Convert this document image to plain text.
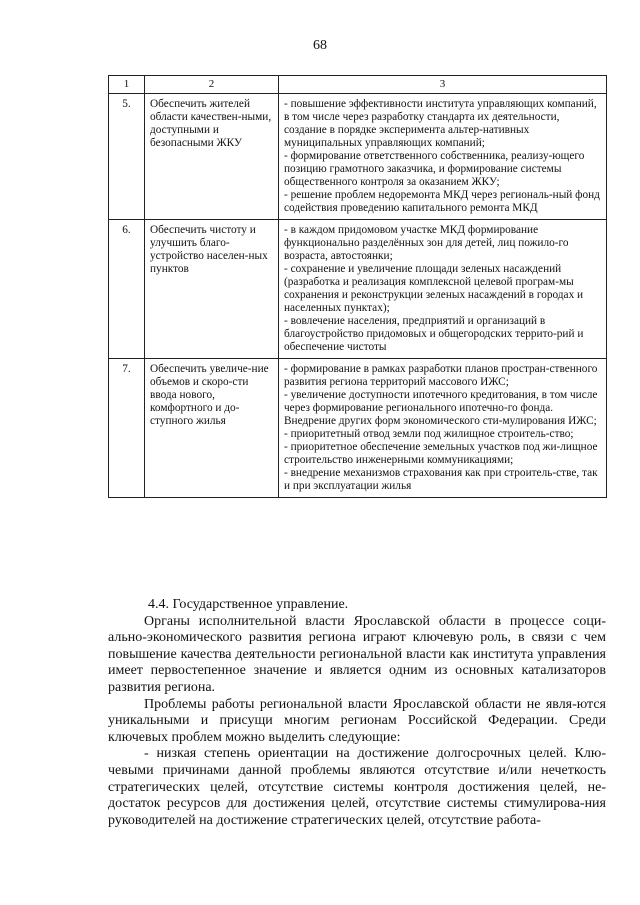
68
1	2	3
5.	Обеспечить жителей области качествен-ными, доступными и безопасными ЖКУ	- повышение эффективности института управляющих компаний, в том числе через разработку стандарта их деятельности, создание в порядке эксперимента альтер-нативных муниципальных управляющих компаний;
- формирование ответственного собственника, реализу-ющего позицию грамотного заказчика, и формирование системы общественного контроля за оказанием ЖКУ;
- решение проблем недоремонта МКД через региональ-ный фонд содействия проведению капитального ремонта МКД

6.	Обеспечить чистоту и улучшить благо-устройство населен-ных пунктов	- в каждом придомовом участке МКД формирование функционально разделённых зон для детей, лиц пожило-го возраста, автостоянки;
- сохранение и увеличение площади зеленых насаждений (разработка и реализация комплексной целевой програм-мы сохранения и реконструкции зеленых насаждений в городах и населенных пунктах);
- вовлечение населения, предприятий и организаций в благоустройство придомовых и общегородских террито-рий и обеспечение чистоты

7.	Обеспечить увеличе-ние объемов и скоро-сти ввода нового, комфортного и до-ступного жилья	- формирование в рамках разработки планов простран-ственного развития региона территорий массового ИЖС;
- увеличение доступности ипотечного кредитования, в том числе через формирование регионального ипотечно-го фонда. Внедрение других форм экономического сти-мулирования ИЖС;
- приоритетный отвод земли под жилищное строитель-ство;
- приоритетное обеспечение земельных участков под жи-лищное строительство инженерными коммуникациями;
- внедрение механизмов страхования как при строитель-стве, так и при эксплуатации жилья

4.4. Государственное управление.

Органы исполнительной власти Ярославской области в процессе соци-ально-экономического развития региона играют ключевую роль, в связи с чем повышение качества деятельности региональной власти как института управления имеет первостепенное значение и является одним из основных катализаторов развития региона.

Проблемы работы региональной власти Ярославской области не явля-ются уникальными и присущи многим регионам Российской Федерации. Среди ключевых проблем можно выделить следующие:

- низкая степень ориентации на достижение долгосрочных целей. Клю-чевыми причинами данной проблемы являются отсутствие и/или нечеткость стратегических целей, отсутствие системы контроля достижения целей, не-достаток ресурсов для достижения целей, отсутствие системы стимулирова-ния руководителей на достижение стратегических целей, отсутствие работа-
